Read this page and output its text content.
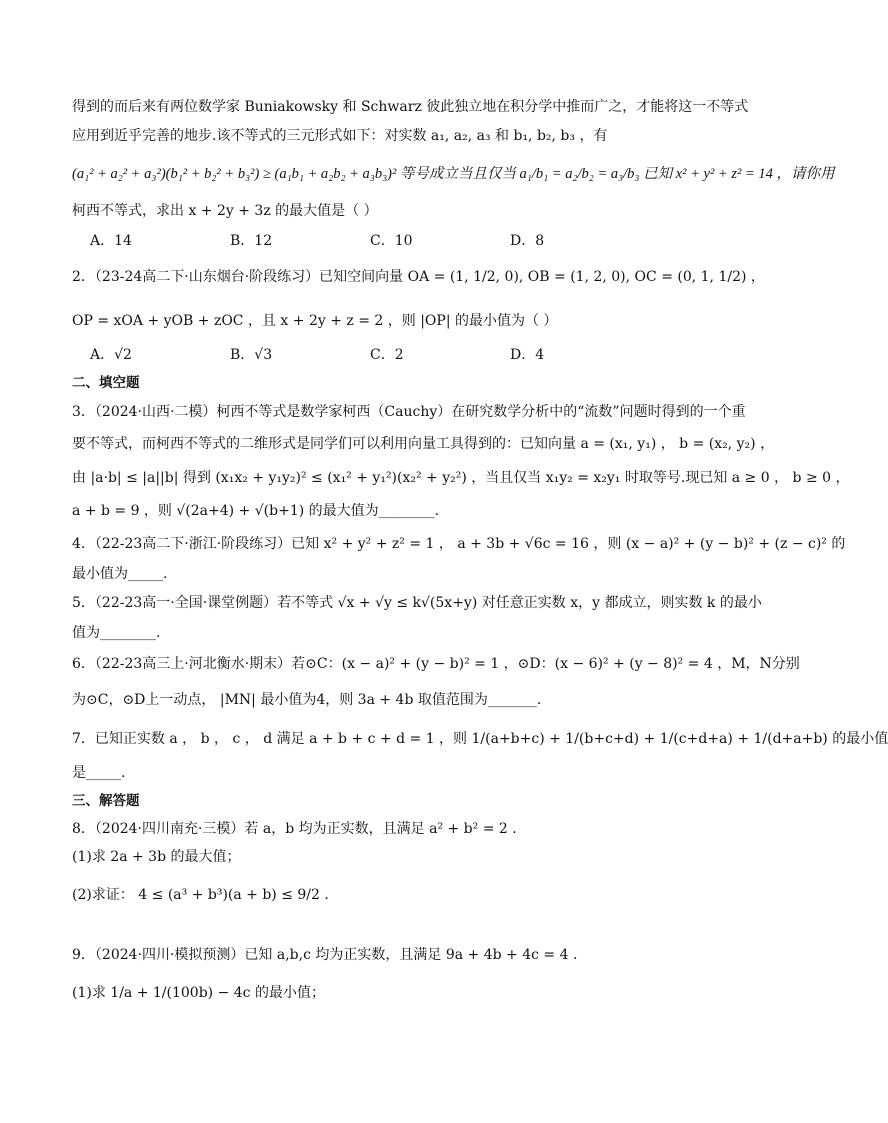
得到的而后来有两位数学家 Buniakowsky 和 Schwarz 彼此独立地在积分学中推而广之，才能将这一不等式
应用到近乎完善的地步.该不等式的三元形式如下：对实数 a₁, a₂, a₃ 和 b₁, b₂, b₃ ，有
(a₁² + a₂² + a₃²)(b₁² + b₂² + b₃²) ≥ (a₁b₁ + a₂b₂ + a₃b₃)² 等号成立当且仅当 a₁/b₁ = a₂/b₂ = a₃/b₃ 已知 x² + y² + z² = 14 ，请你用
柯西不等式，求出 x + 2y + 3z 的最大值是（ ）
A．14	B．12	C．10	D．8
2．（23-24高二下·山东烟台·阶段练习）已知空间向量 OA = (1, 1/2, 0), OB = (1, 2, 0), OC = (0, 1, 1/2) ，
OP = xOA + yOB + zOC ，且 x + 2y + z = 2 ，则 |OP| 的最小值为（ ）
A．√2	B．√3	C．2	D．4
二、填空题
3．（2024·山西·二模）柯西不等式是数学家柯西（Cauchy）在研究数学分析中的“流数”问题时得到的一个重
要不等式，而柯西不等式的二维形式是同学们可以利用向量工具得到的：已知向量 a = (x₁, y₁) ， b = (x₂, y₂) ，
由 |a·b| ≤ |a||b| 得到 (x₁x₂ + y₁y₂)² ≤ (x₁² + y₁²)(x₂² + y₂²) ，当且仅当 x₁y₂ = x₂y₁ 时取等号.现已知 a ≥ 0 ， b ≥ 0 ，
a + b = 9 ，则 √(2a+4) + √(b+1) 的最大值为________.
4．（22-23高二下·浙江·阶段练习）已知 x² + y² + z² = 1 ， a + 3b + √6c = 16 ，则 (x − a)² + (y − b)² + (z − c)² 的
最小值为_____.
5．（22-23高一·全国·课堂例题）若不等式 √x + √y ≤ k√(5x+y) 对任意正实数 x，y 都成立，则实数 k 的最小
值为________.
6．（22-23高三上·河北衡水·期末）若⊙C：(x − a)² + (y − b)² = 1 ，⊙D：(x − 6)² + (y − 8)² = 4 ，M，N分别
为⊙C，⊙D上一动点， |MN| 最小值为4，则 3a + 4b 取值范围为_______.
7．已知正实数 a ， b ， c ， d 满足 a + b + c + d = 1 ，则 1/(a+b+c) + 1/(b+c+d) + 1/(c+d+a) + 1/(d+a+b) 的最小值
是_____.
三、解答题
8．（2024·四川南充·三模）若 a，b 均为正实数，且满足 a² + b² = 2 .
(1)求 2a + 3b 的最大值；
(2)求证： 4 ≤ (a³ + b³)(a + b) ≤ 9/2 .
9．（2024·四川·模拟预测）已知 a,b,c 均为正实数，且满足 9a + 4b + 4c = 4 .
(1)求 1/a + 1/(100b) − 4c 的最小值；
